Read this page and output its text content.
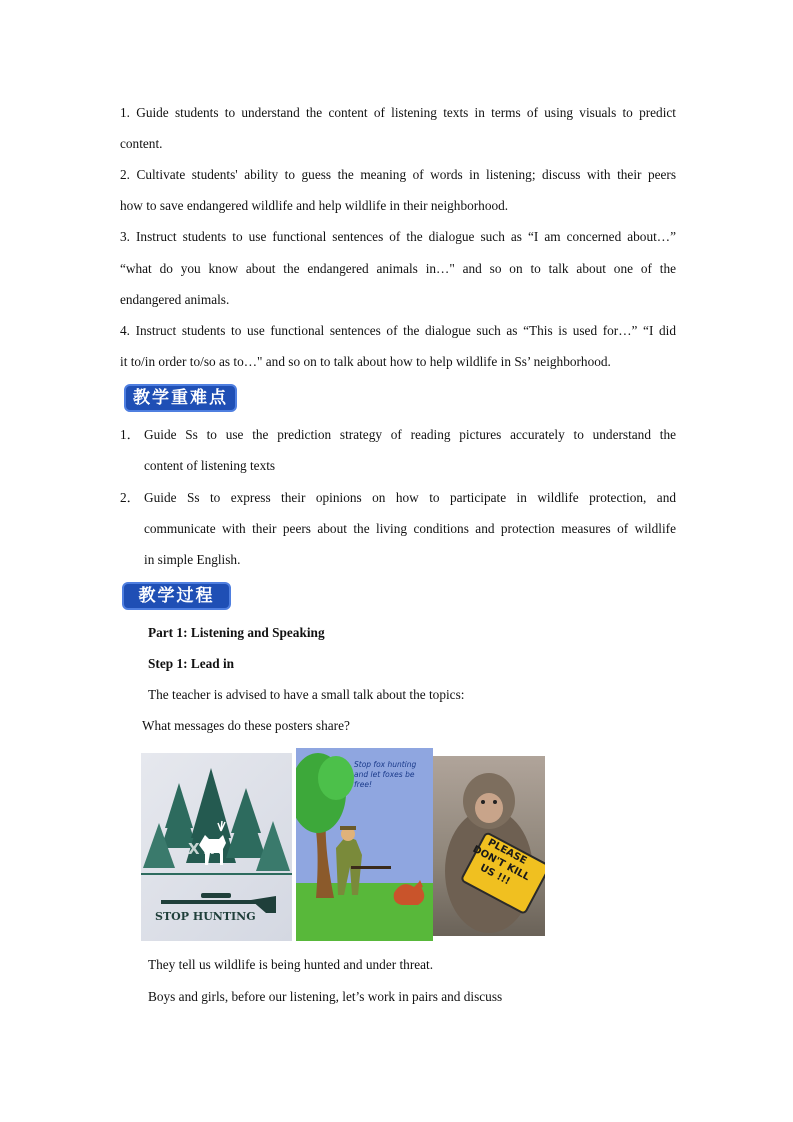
1. Guide students to understand the content of listening texts in terms of using visuals to predict
content.
2. Cultivate students' ability to guess the meaning of words in listening; discuss with their peers
how to save endangered wildlife and help wildlife in their neighborhood.
3. Instruct students to use functional sentences of the dialogue such as “I am concerned about…”
“what do you know about the endangered animals in…" and so on to talk about one of the
endangered animals.
4. Instruct students to use functional sentences of the dialogue such as “This is used for…” “I did
it to/in order to/so as to…" and so on to talk about how to help wildlife in Ss’ neighborhood.
教学重难点
1． Guide Ss to use the prediction strategy of reading pictures accurately to understand the
content of listening texts
2． Guide Ss to express their opinions on how to participate in wildlife protection, and
communicate with their peers about the living conditions and protection measures of wildlife
in simple English.
教学过程
Part 1: Listening and Speaking
Step 1: Lead in
The teacher is advised to have a small talk about the topics:
What messages do these posters share?
STOP HUNTING
XTA
Stop fox hunting and let foxes be free!
PLEASE DON'T KILL US !!!
They tell us wildlife is being hunted and under threat.
Boys and girls, before our listening, let’s work in pairs and discuss
